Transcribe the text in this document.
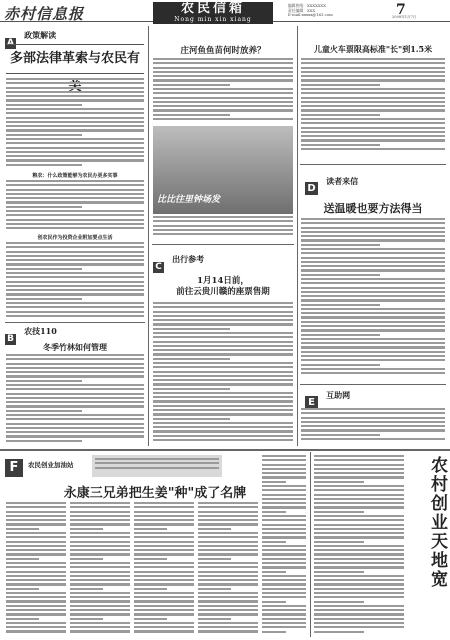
赤村信息报	农民信箱
Nong min xin xiang
编辑热线：XXXXXXX
责任编辑：XXX
E-mail:xxxxx@163.com	7
2008年1月7日
A $^{政策解读}$
多部法律革索与农民有
粮农：什么政策能够为农民办更多实事
创农民作为投资企业附加要点生活
B $^{农技110}$
冬季竹林如何管理
庄河鱼鱼苗何时放养？
比比往里钟场发
C $^{出行参考}$
1月14日前，
前往云贵川赣的座票售期
儿童火车票限高标准"长"到1.5米
D $^{读者来信}$
送温暖也要方法得当
E $^{互助网}$
F	农民创业加油站
永康三兄弟把生姜"种"成了名牌	农村创业天地宽
